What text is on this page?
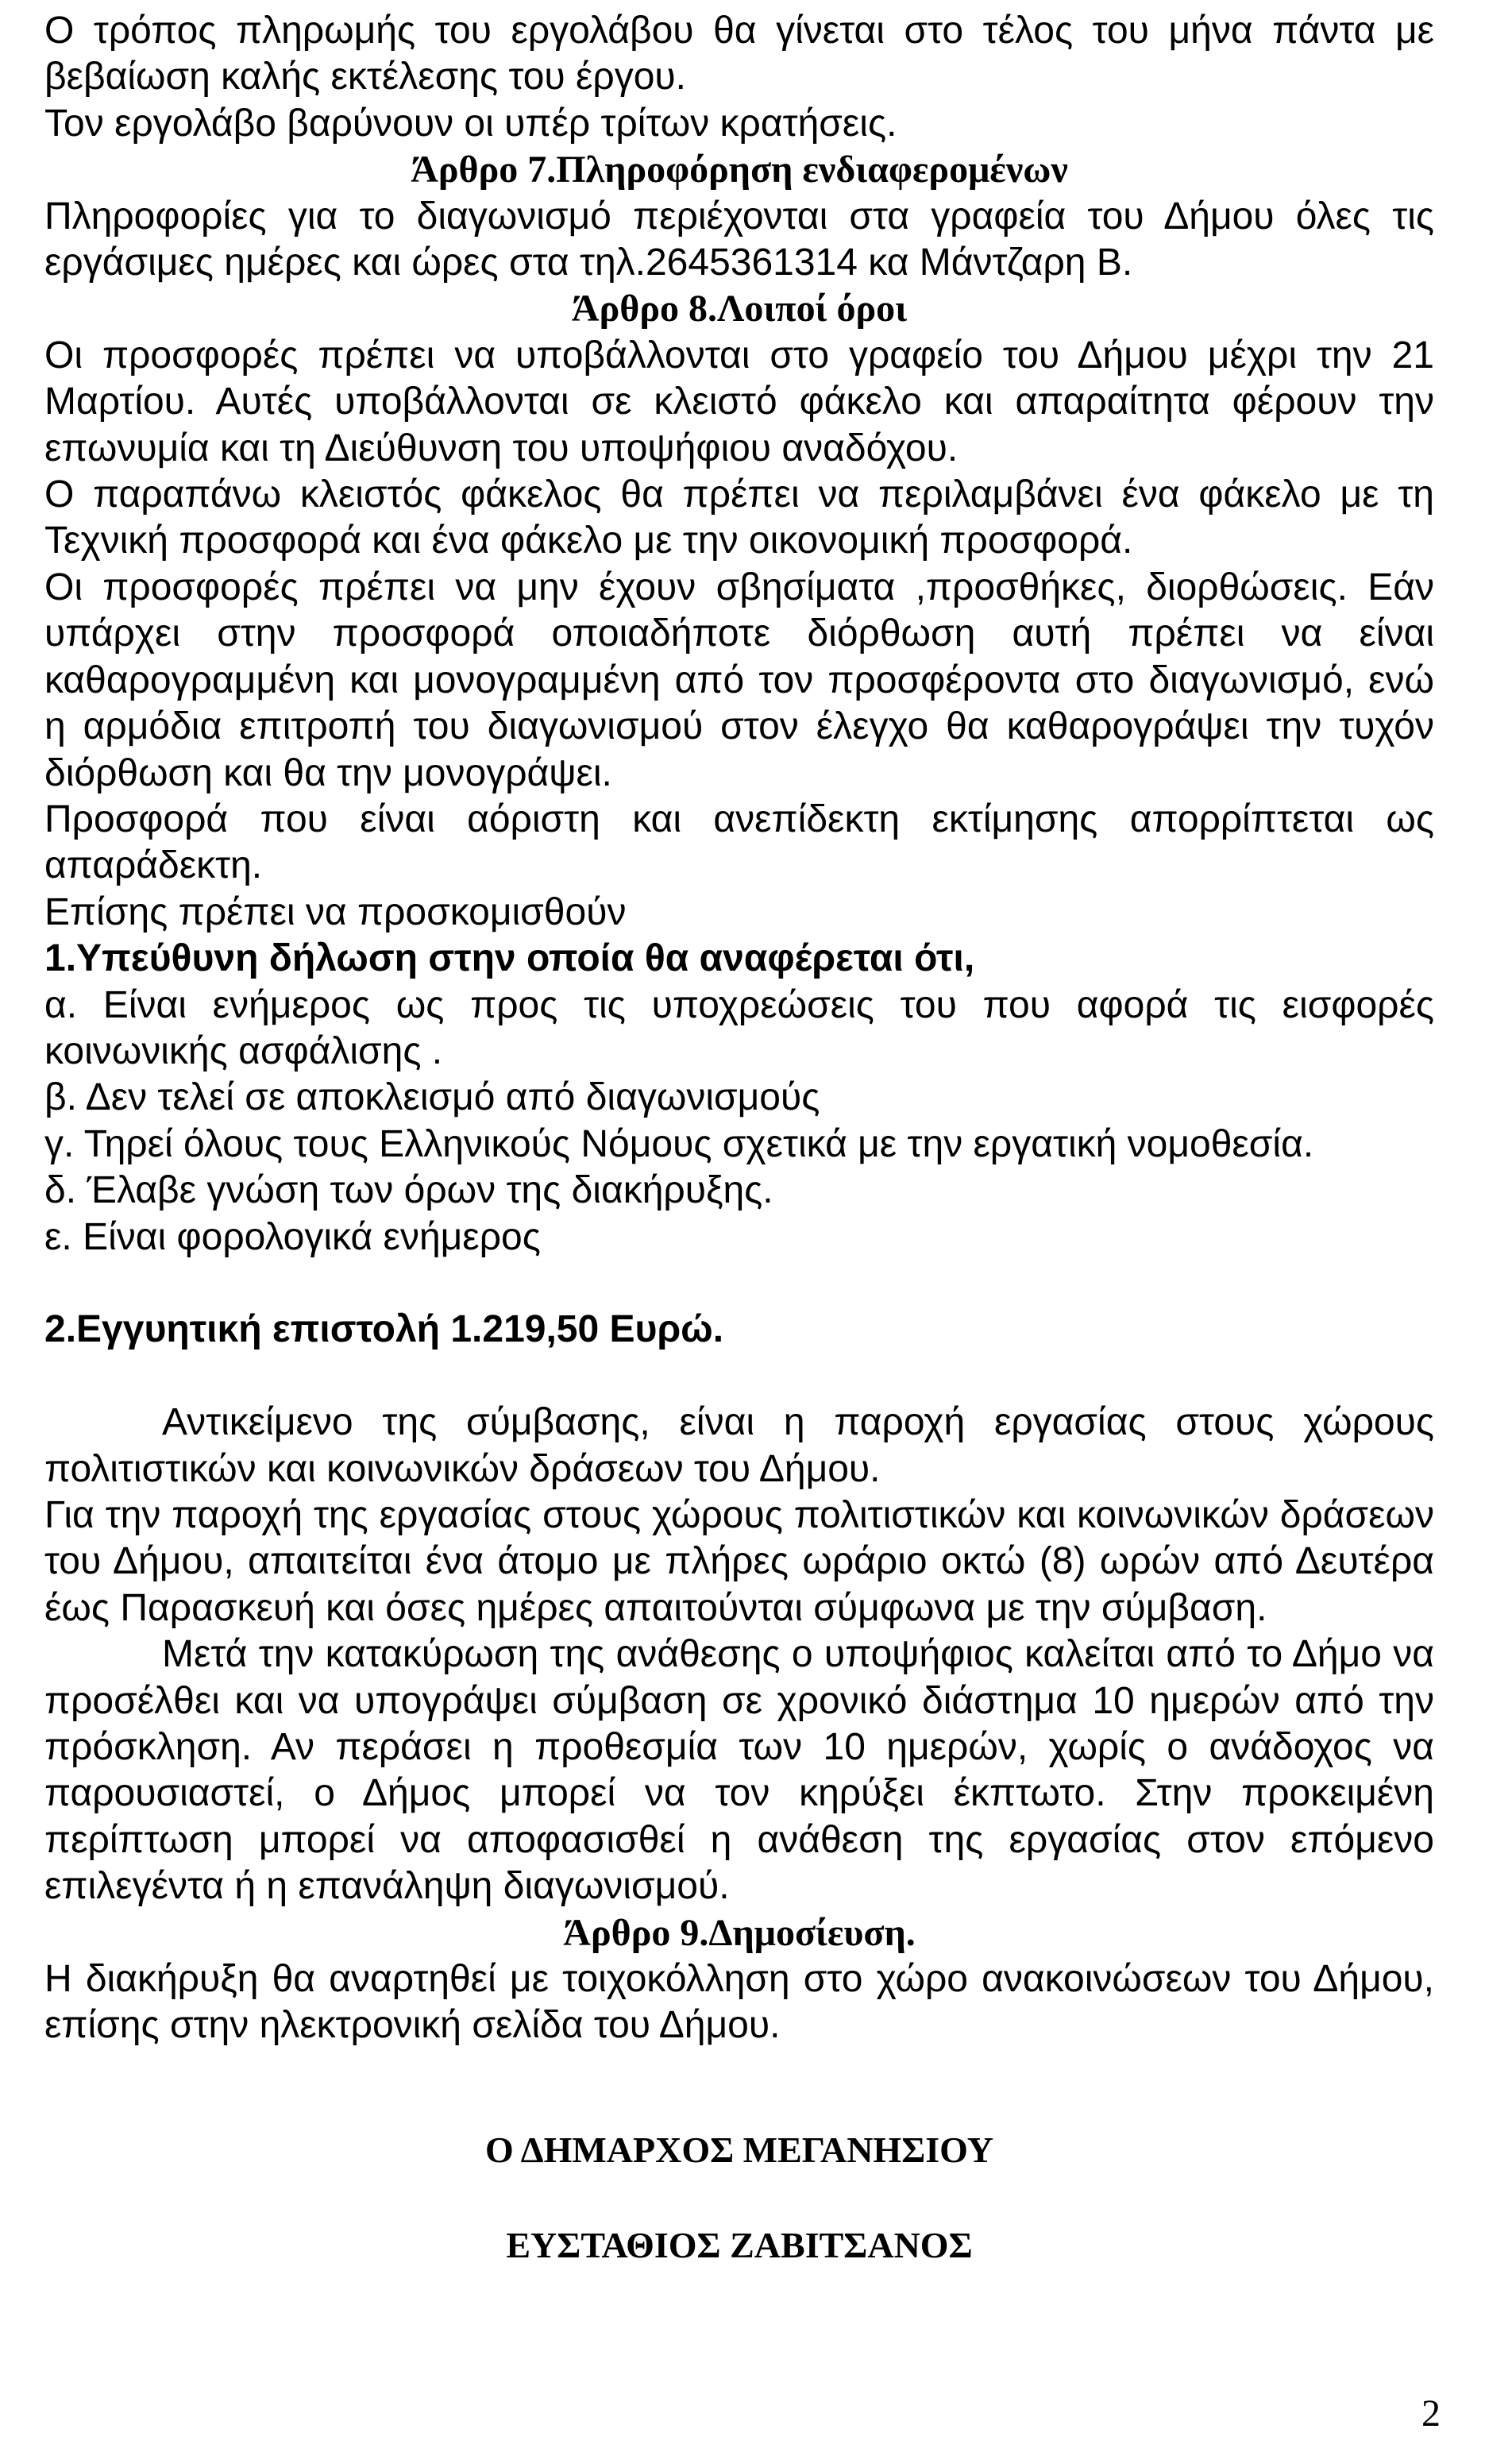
Ο τρόπος πληρωμής του εργολάβου θα γίνεται στο τέλος του μήνα πάντα με βεβαίωση καλής εκτέλεσης του έργου.

Τον εργολάβο βαρύνουν οι υπέρ τρίτων κρατήσεις.

Άρθρο 7.Πληροφόρηση ενδιαφερομένων

Πληροφορίες για το διαγωνισμό περιέχονται στα γραφεία του Δήμου όλες τις εργάσιμες ημέρες και ώρες στα τηλ.2645361314 κα Μάντζαρη Β.

Άρθρο 8.Λοιποί όροι

Οι προσφορές πρέπει να υποβάλλονται στο γραφείο του Δήμου μέχρι την 21 Μαρτίου. Αυτές υποβάλλονται σε κλειστό φάκελο και απαραίτητα φέρουν την επωνυμία και τη Διεύθυνση του υποψήφιου αναδόχου.

Ο παραπάνω κλειστός φάκελος θα πρέπει να περιλαμβάνει ένα φάκελο με τη Τεχνική προσφορά και ένα φάκελο με την οικονομική προσφορά.

Οι προσφορές πρέπει να μην έχουν σβησίματα ,προσθήκες, διορθώσεις. Εάν υπάρχει στην προσφορά οποιαδήποτε διόρθωση αυτή πρέπει να είναι καθαρογραμμένη και μονογραμμένη από τον προσφέροντα στο διαγωνισμό, ενώ η αρμόδια επιτροπή του διαγωνισμού στον έλεγχο θα καθαρογράψει την τυχόν διόρθωση και θα την μονογράψει.

Προσφορά που είναι αόριστη και ανεπίδεκτη εκτίμησης απορρίπτεται ως απαράδεκτη.

Επίσης πρέπει να προσκομισθούν

1.Υπεύθυνη δήλωση στην οποία θα αναφέρεται ότι,

α. Είναι ενήμερος ως προς τις υποχρεώσεις του που αφορά τις εισφορές κοινωνικής ασφάλισης .

β. Δεν τελεί σε αποκλεισμό από διαγωνισμούς

γ. Τηρεί όλους τους Ελληνικούς Νόμους σχετικά με την εργατική νομοθεσία.

δ. Έλαβε γνώση των όρων της διακήρυξης.

ε. Είναι φορολογικά ενήμερος

2.Εγγυητική επιστολή 1.219,50 Ευρώ.

Αντικείμενο της σύμβασης, είναι η παροχή εργασίας στους χώρους πολιτιστικών και κοινωνικών δράσεων του Δήμου.

Για την παροχή της εργασίας στους χώρους πολιτιστικών και κοινωνικών δράσεων του Δήμου, απαιτείται ένα άτομο με πλήρες ωράριο οκτώ (8) ωρών από Δευτέρα έως Παρασκευή και όσες ημέρες απαιτούνται σύμφωνα με την σύμβαση.

Μετά την κατακύρωση της ανάθεσης ο υποψήφιος καλείται από το Δήμο να προσέλθει και να υπογράψει σύμβαση σε χρονικό διάστημα 10 ημερών από την πρόσκληση. Αν περάσει η προθεσμία των 10 ημερών, χωρίς ο ανάδοχος να παρουσιαστεί, ο Δήμος μπορεί να τον κηρύξει έκπτωτο. Στην προκειμένη περίπτωση μπορεί να αποφασισθεί η ανάθεση της εργασίας στον επόμενο επιλεγέντα ή η επανάληψη διαγωνισμού.

Άρθρο 9.Δημοσίευση.

Η διακήρυξη θα αναρτηθεί με τοιχοκόλληση στο χώρο ανακοινώσεων του Δήμου, επίσης στην ηλεκτρονική σελίδα του Δήμου.

Ο ΔΗΜΑΡΧΟΣ ΜΕΓΑΝΗΣΙΟΥ

ΕΥΣΤΑΘΙΟΣ ΖΑΒΙΤΣΑΝΟΣ

2
